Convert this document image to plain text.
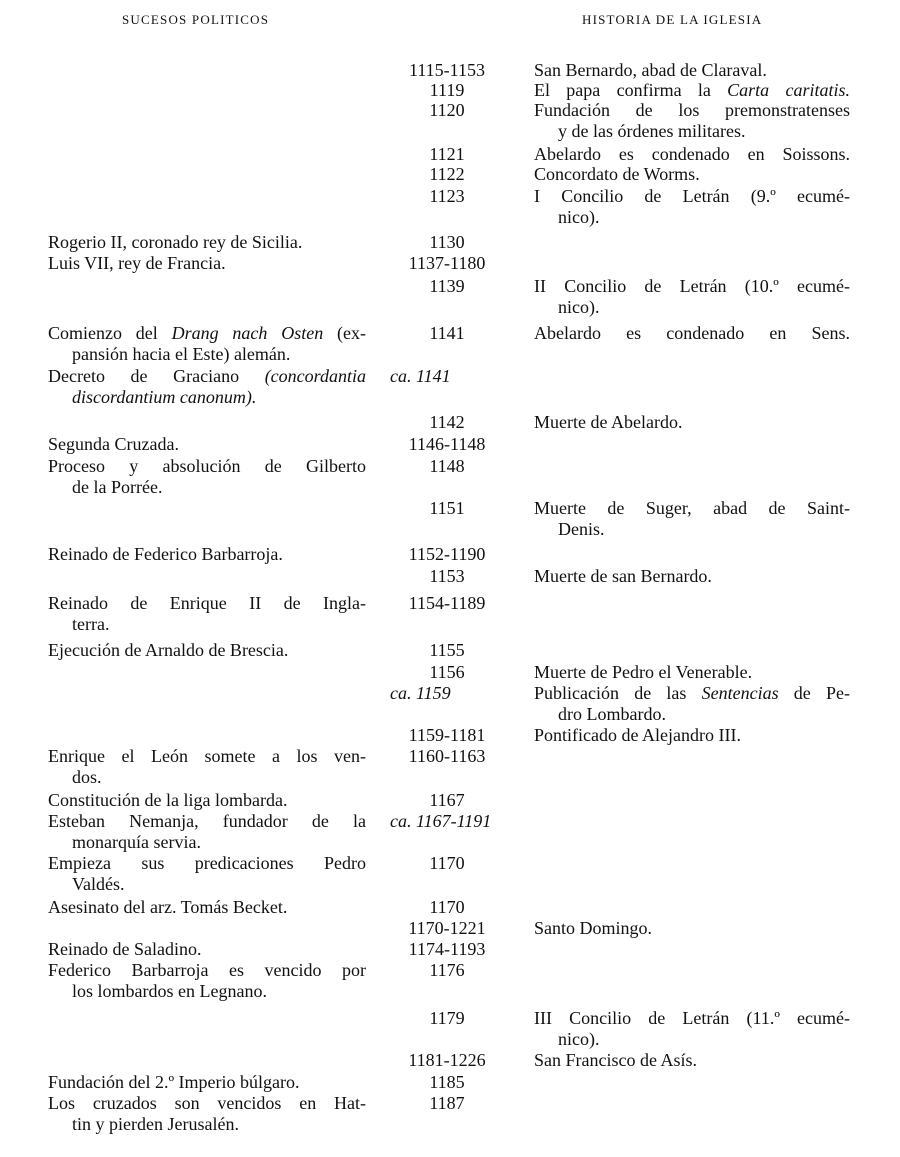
SUCESOS POLITICOS	HISTORIA DE LA IGLESIA
Rogerio II, coronado rey de Sicilia.
Luis VII, rey de Francia.
Comienzo del Drang nach Osten (ex-
pansión hacia el Este) alemán.
Decreto de Graciano (concordantia
discordantium canonum).
Segunda Cruzada.
Proceso y absolución de Gilberto
de la Porrée.
Reinado de Federico Barbarroja.
Reinado de Enrique II de Ingla-
terra.
Ejecución de Arnaldo de Brescia.
Enrique el León somete a los ven-
dos.
Constitución de la liga lombarda.
Esteban Nemanja, fundador de la
monarquía servia.
Empieza sus predicaciones Pedro
Valdés.
Asesinato del arz. Tomás Becket.
Reinado de Saladino.
Federico Barbarroja es vencido por
los lombardos en Legnano.
Fundación del 2.º Imperio búlgaro.
Los cruzados son vencidos en Hat-
tin y pierden Jerusalén.
1115-1153
1119
1120
1121
1122
1123
1130
1137-1180
1139
1141
ca. 1141
1142
1146-1148
1148
1151
1152-1190
1153
1154-1189
1155
1156
ca. 1159
1159-1181
1160-1163
1167
ca. 1167-1191
1170
1170
1170-1221
1174-1193
1176
1179
1181-1226
1185
1187
San Bernardo, abad de Claraval.
El papa confirma la Carta caritatis.
Fundación de los premonstratenses
y de las órdenes militares.
Abelardo es condenado en Soissons.
Concordato de Worms.
I Concilio de Letrán (9.º ecumé-
nico).
II Concilio de Letrán (10.º ecumé-
nico).
Abelardo es condenado en Sens.
Muerte de Abelardo.
Muerte de Suger, abad de Saint-
Denis.
Muerte de san Bernardo.
Muerte de Pedro el Venerable.
Publicación de las Sentencias de Pe-
dro Lombardo.
Pontificado de Alejandro III.
Santo Domingo.
III Concilio de Letrán (11.º ecumé-
nico).
San Francisco de Asís.
